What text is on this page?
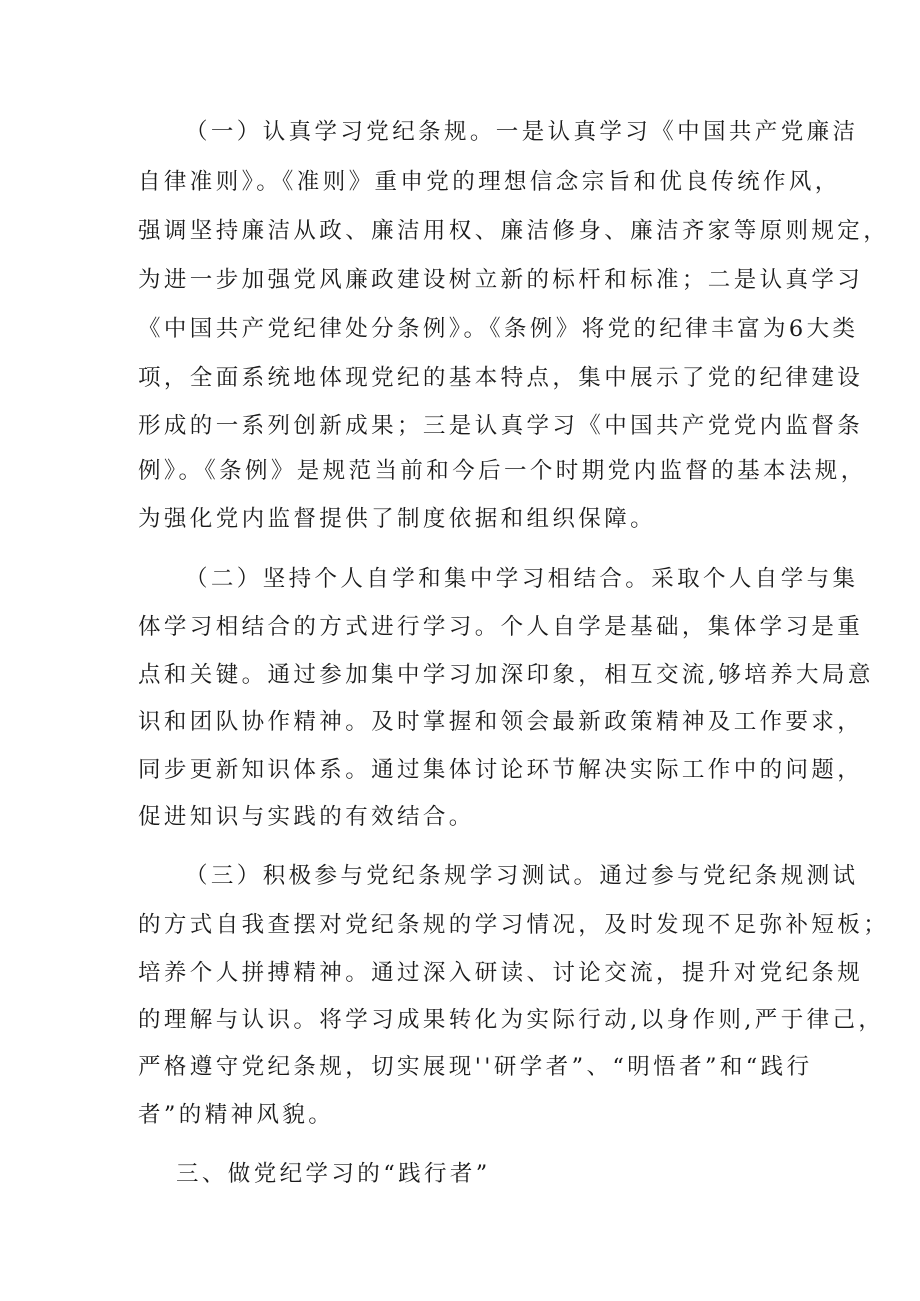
（一）认真学习党纪条规。一是认真学习《中国共产党廉洁
自律准则》。《准则》重申党的理想信念宗旨和优良传统作风，
强调坚持廉洁从政、廉洁用权、廉洁修身、廉洁齐家等原则规定，
为进一步加强党风廉政建设树立新的标杆和标准；二是认真学习
《中国共产党纪律处分条例》。《条例》将党的纪律丰富为6大类
项，全面系统地体现党纪的基本特点，集中展示了党的纪律建设
形成的一系列创新成果；三是认真学习《中国共产党党内监督条
例》。《条例》是规范当前和今后一个时期党内监督的基本法规，
为强化党内监督提供了制度依据和组织保障。
（二）坚持个人自学和集中学习相结合。采取个人自学与集
体学习相结合的方式进行学习。个人自学是基础，集体学习是重
点和关键。通过参加集中学习加深印象，相互交流,够培养大局意
识和团队协作精神。及时掌握和领会最新政策精神及工作要求，
同步更新知识体系。通过集体讨论环节解决实际工作中的问题，
促进知识与实践的有效结合。
（三）积极参与党纪条规学习测试。通过参与党纪条规测试
的方式自我查摆对党纪条规的学习情况，及时发现不足弥补短板；
培养个人拼搏精神。通过深入研读、讨论交流，提升对党纪条规
的理解与认识。将学习成果转化为实际行动,以身作则,严于律己，
严格遵守党纪条规，切实展现''研学者”、“明悟者”和“践行
者”的精神风貌。
三、做党纪学习的“践行者”
